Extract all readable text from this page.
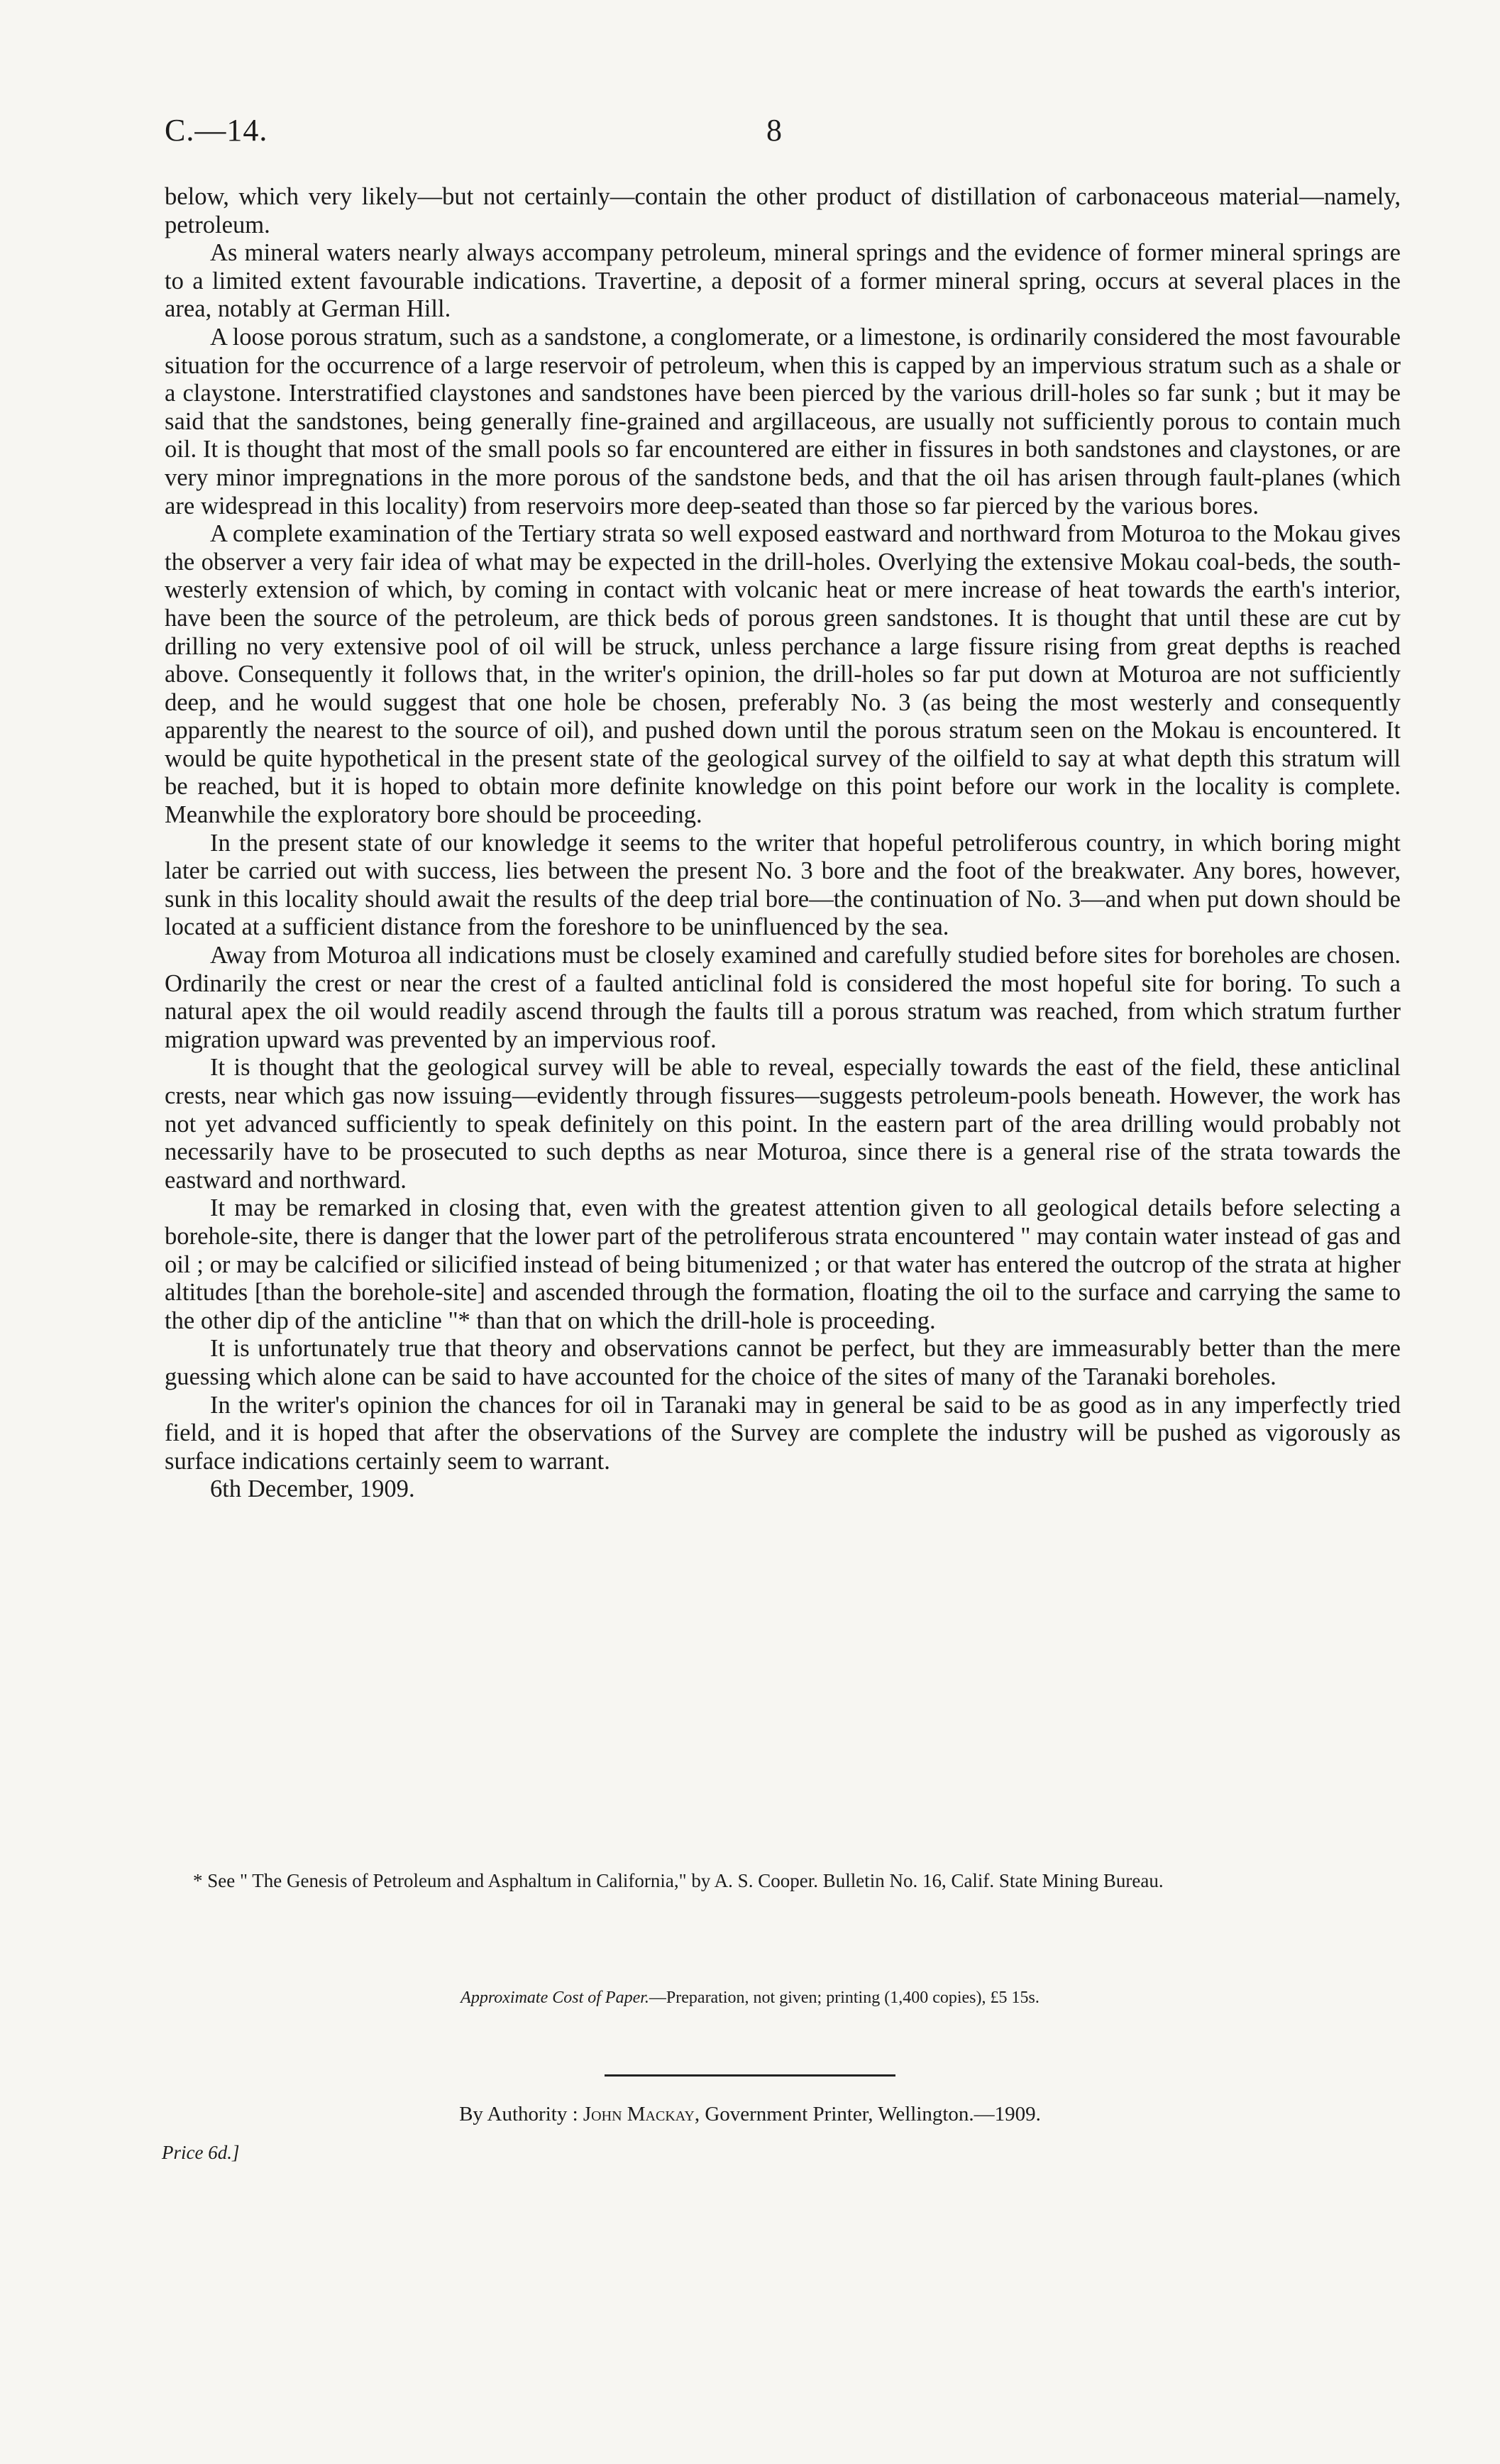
C.—14.	8

below, which very likely—but not certainly—contain the other product of distillation of carbonaceous material—namely, petroleum.

As mineral waters nearly always accompany petroleum, mineral springs and the evidence of former mineral springs are to a limited extent favourable indications. Travertine, a deposit of a former mineral spring, occurs at several places in the area, notably at German Hill.

A loose porous stratum, such as a sandstone, a conglomerate, or a limestone, is ordinarily considered the most favourable situation for the occurrence of a large reservoir of petroleum, when this is capped by an impervious stratum such as a shale or a claystone. Interstratified claystones and sandstones have been pierced by the various drill-holes so far sunk ; but it may be said that the sandstones, being generally fine-grained and argillaceous, are usually not sufficiently porous to contain much oil. It is thought that most of the small pools so far encountered are either in fissures in both sandstones and claystones, or are very minor impregnations in the more porous of the sandstone beds, and that the oil has arisen through fault-planes (which are widespread in this locality) from reservoirs more deep-seated than those so far pierced by the various bores.

A complete examination of the Tertiary strata so well exposed eastward and northward from Moturoa to the Mokau gives the observer a very fair idea of what may be expected in the drill-holes. Overlying the extensive Mokau coal-beds, the south-westerly extension of which, by coming in contact with volcanic heat or mere increase of heat towards the earth's interior, have been the source of the petroleum, are thick beds of porous green sandstones. It is thought that until these are cut by drilling no very extensive pool of oil will be struck, unless perchance a large fissure rising from great depths is reached above. Consequently it follows that, in the writer's opinion, the drill-holes so far put down at Moturoa are not sufficiently deep, and he would suggest that one hole be chosen, preferably No. 3 (as being the most westerly and consequently apparently the nearest to the source of oil), and pushed down until the porous stratum seen on the Mokau is encountered. It would be quite hypothetical in the present state of the geological survey of the oilfield to say at what depth this stratum will be reached, but it is hoped to obtain more definite knowledge on this point before our work in the locality is complete. Meanwhile the exploratory bore should be proceeding.

In the present state of our knowledge it seems to the writer that hopeful petroliferous country, in which boring might later be carried out with success, lies between the present No. 3 bore and the foot of the breakwater. Any bores, however, sunk in this locality should await the results of the deep trial bore—the continuation of No. 3—and when put down should be located at a sufficient distance from the foreshore to be uninfluenced by the sea.

Away from Moturoa all indications must be closely examined and carefully studied before sites for boreholes are chosen. Ordinarily the crest or near the crest of a faulted anticlinal fold is considered the most hopeful site for boring. To such a natural apex the oil would readily ascend through the faults till a porous stratum was reached, from which stratum further migration upward was prevented by an impervious roof.

It is thought that the geological survey will be able to reveal, especially towards the east of the field, these anticlinal crests, near which gas now issuing—evidently through fissures—suggests petroleum-pools beneath. However, the work has not yet advanced sufficiently to speak definitely on this point. In the eastern part of the area drilling would probably not necessarily have to be prosecuted to such depths as near Moturoa, since there is a general rise of the strata towards the eastward and northward.

It may be remarked in closing that, even with the greatest attention given to all geological details before selecting a borehole-site, there is danger that the lower part of the petroliferous strata encountered " may contain water instead of gas and oil ; or may be calcified or silicified instead of being bitumenized ; or that water has entered the outcrop of the strata at higher altitudes [than the borehole-site] and ascended through the formation, floating the oil to the surface and carrying the same to the other dip of the anticline "* than that on which the drill-hole is proceeding.

It is unfortunately true that theory and observations cannot be perfect, but they are immeasurably better than the mere guessing which alone can be said to have accounted for the choice of the sites of many of the Taranaki boreholes.

In the writer's opinion the chances for oil in Taranaki may in general be said to be as good as in any imperfectly tried field, and it is hoped that after the observations of the Survey are complete the industry will be pushed as vigorously as surface indications certainly seem to warrant.

6th December, 1909.

* See " The Genesis of Petroleum and Asphaltum in California," by A. S. Cooper. Bulletin No. 16, Calif. State Mining Bureau.
Approximate Cost of Paper.—Preparation, not given; printing (1,400 copies), £5 15s.
By Authority : John Mackay, Government Printer, Wellington.—1909.
Price 6d.]
